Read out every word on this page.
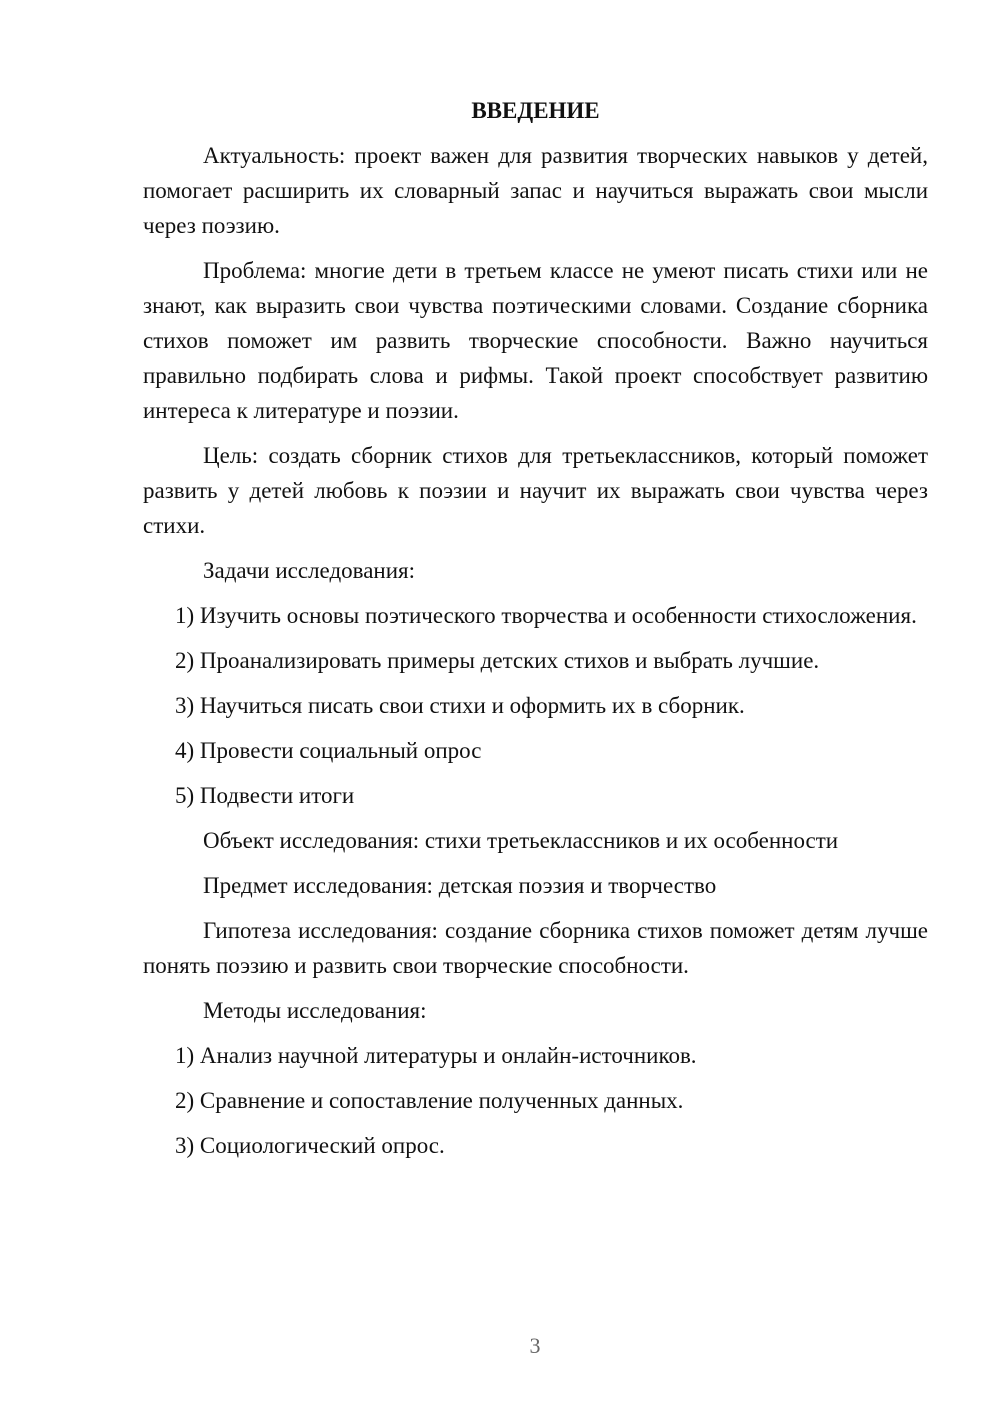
ВВЕДЕНИЕ

Актуальность: проект важен для развития творческих навыков у детей, помогает расширить их словарный запас и научиться выражать свои мысли через поэзию.

Проблема: многие дети в третьем классе не умеют писать стихи или не знают, как выразить свои чувства поэтическими словами. Создание сборника стихов поможет им развить творческие способности. Важно научиться правильно подбирать слова и рифмы. Такой проект способствует развитию интереса к литературе и поэзии.

Цель: создать сборник стихов для третьеклассников, который поможет развить у детей любовь к поэзии и научит их выражать свои чувства через стихи.

Задачи исследования:

1) Изучить основы поэтического творчества и особенности стихосложения.

2) Проанализировать примеры детских стихов и выбрать лучшие.

3) Научиться писать свои стихи и оформить их в сборник.

4) Провести социальный опрос

5) Подвести итоги

Объект исследования: стихи третьеклассников и их особенности

Предмет исследования: детская поэзия и творчество

Гипотеза исследования: создание сборника стихов поможет детям лучше понять поэзию и развить свои творческие способности.

Методы исследования:

1) Анализ научной литературы и онлайн-источников.

2) Сравнение и сопоставление полученных данных.

3) Социологический опрос.

3
